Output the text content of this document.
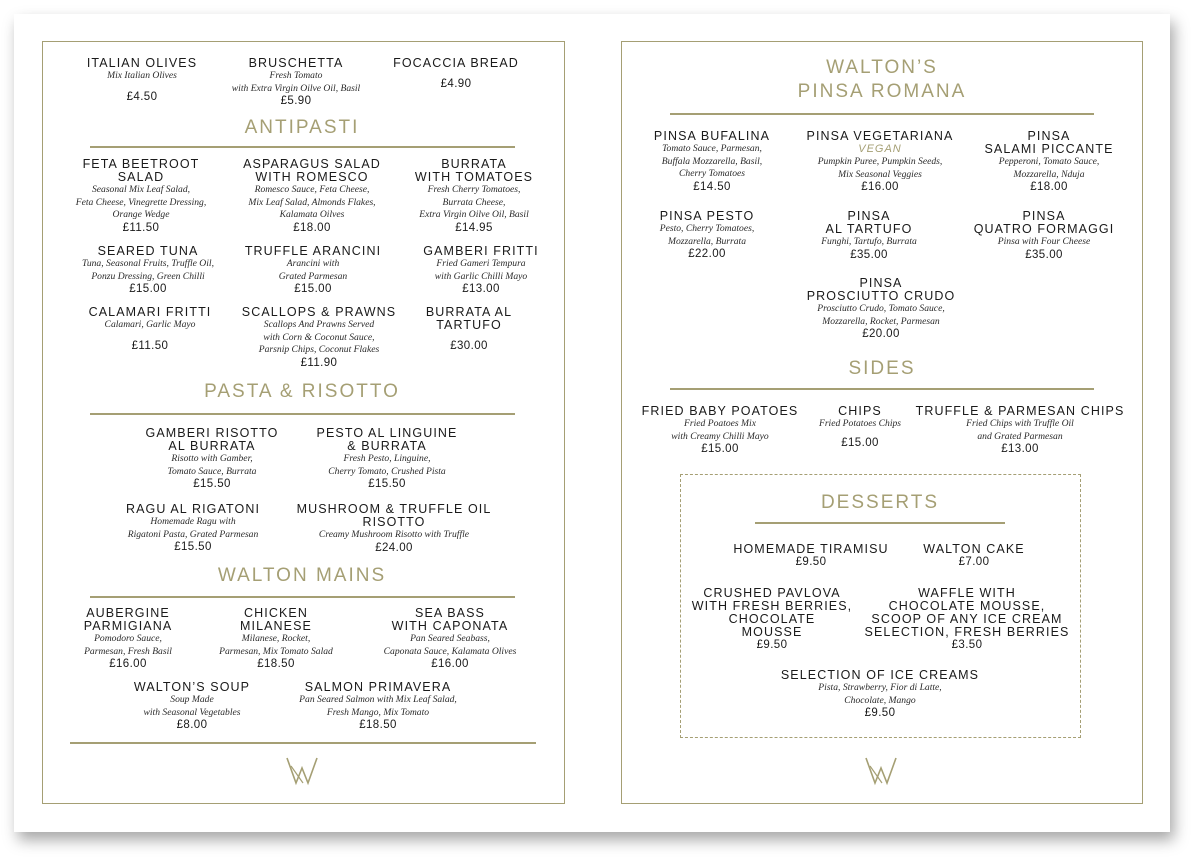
ITALIAN OLIVES
Mix Italian Olives
£4.50
BRUSCHETTA
Fresh Tomato
with Extra Virgin Oilve Oil, Basil
£5.90
FOCACCIA BREAD
£4.90
ANTIPASTI
FETA BEETROOT
SALAD
Seasonal Mix Leaf Salad,
Feta Cheese, Vinegrette Dressing,
Orange Wedge
£11.50
ASPARAGUS SALAD
WITH ROMESCO
Romesco Sauce, Feta Cheese,
Mix Leaf Salad, Almonds Flakes,
Kalamata Oilves
£18.00
BURRATA
WITH TOMATOES
Fresh Cherry Tomatoes,
Burrata Cheese,
Extra Virgin Oilve Oil, Basil
£14.95
SEARED TUNA
Tuna, Seasonal Fruits, Truffle Oil,
Ponzu Dressing, Green Chilli
£15.00
TRUFFLE ARANCINI
Arancini with
Grated Parmesan
£15.00
GAMBERI FRITTI
Fried Gameri Tempura
with Garlic Chilli Mayo
£13.00
CALAMARI FRITTI
Calamari, Garlic Mayo
£11.50
SCALLOPS & PRAWNS
Scallops And Prawns Served
with Corn & Coconut Sauce,
Parsnip Chips, Coconut Flakes
£11.90
BURRATA AL
TARTUFO
£30.00
PASTA & RISOTTO
GAMBERI RISOTTO
AL BURRATA
Risotto with Gamber,
Tomato Sauce, Burrata
£15.50
PESTO AL LINGUINE
& BURRATA
Fresh Pesto, Linguine,
Cherry Tomato, Crushed Pista
£15.50
RAGU AL RIGATONI
Homemade Ragu with
Rigatoni Pasta, Grated Parmesan
£15.50
MUSHROOM & TRUFFLE OIL
RISOTTO
Creamy Mushroom Risotto with Truffle
£24.00
WALTON MAINS
AUBERGINE
PARMIGIANA
Pomodoro Sauce,
Parmesan, Fresh Basil
£16.00
CHICKEN
MILANESE
Milanese, Rocket,
Parmesan, Mix Tomato Salad
£18.50
SEA BASS
WITH CAPONATA
Pan Seared Seabass,
Caponata Sauce, Kalamata Olives
£16.00
WALTON’S SOUP
Soup Made
with Seasonal Vegetables
£8.00
SALMON PRIMAVERA
Pan Seared Salmon with Mix Leaf Salad,
Fresh Mango, Mix Tomato
£18.50
WALTON’S
PINSA ROMANA
PINSA BUFALINA
Tomato Sauce, Parmesan,
Buffala Mozzarella, Basil,
Cherry Tomatoes
£14.50
PINSA VEGETARIANA
VEGAN
Pumpkin Puree, Pumpkin Seeds,
Mix Seasonal Veggies
£16.00
PINSA
SALAMI PICCANTE
Pepperoni, Tomato Sauce,
Mozzarella, Nduja
£18.00
PINSA PESTO
Pesto, Cherry Tomatoes,
Mozzarella, Burrata
£22.00
PINSA
AL TARTUFO
Funghi, Tartufo, Burrata
£35.00
PINSA
QUATRO FORMAGGI
Pinsa with Four Cheese
£35.00
PINSA
PROSCIUTTO CRUDO
Prosciutto Crudo, Tomato Sauce,
Mozzarella, Rocket, Parmesan
£20.00
SIDES
FRIED BABY POATOES
Fried Poatoes Mix
with Creamy Chilli Mayo
£15.00
CHIPS
Fried Potatoes Chips
£15.00
TRUFFLE & PARMESAN CHIPS
Fried Chips with Truffle Oil
and Grated Parmesan
£13.00
DESSERTS
HOMEMADE TIRAMISU
£9.50
WALTON CAKE
£7.00
CRUSHED PAVLOVA
WITH FRESH BERRIES,
CHOCOLATE
MOUSSE
£9.50
WAFFLE WITH
CHOCOLATE MOUSSE,
SCOOP OF ANY ICE CREAM
SELECTION, FRESH BERRIES
£3.50
SELECTION OF ICE CREAMS
Pista, Strawberry, Fior di Latte,
Chocolate, Mango
£9.50
